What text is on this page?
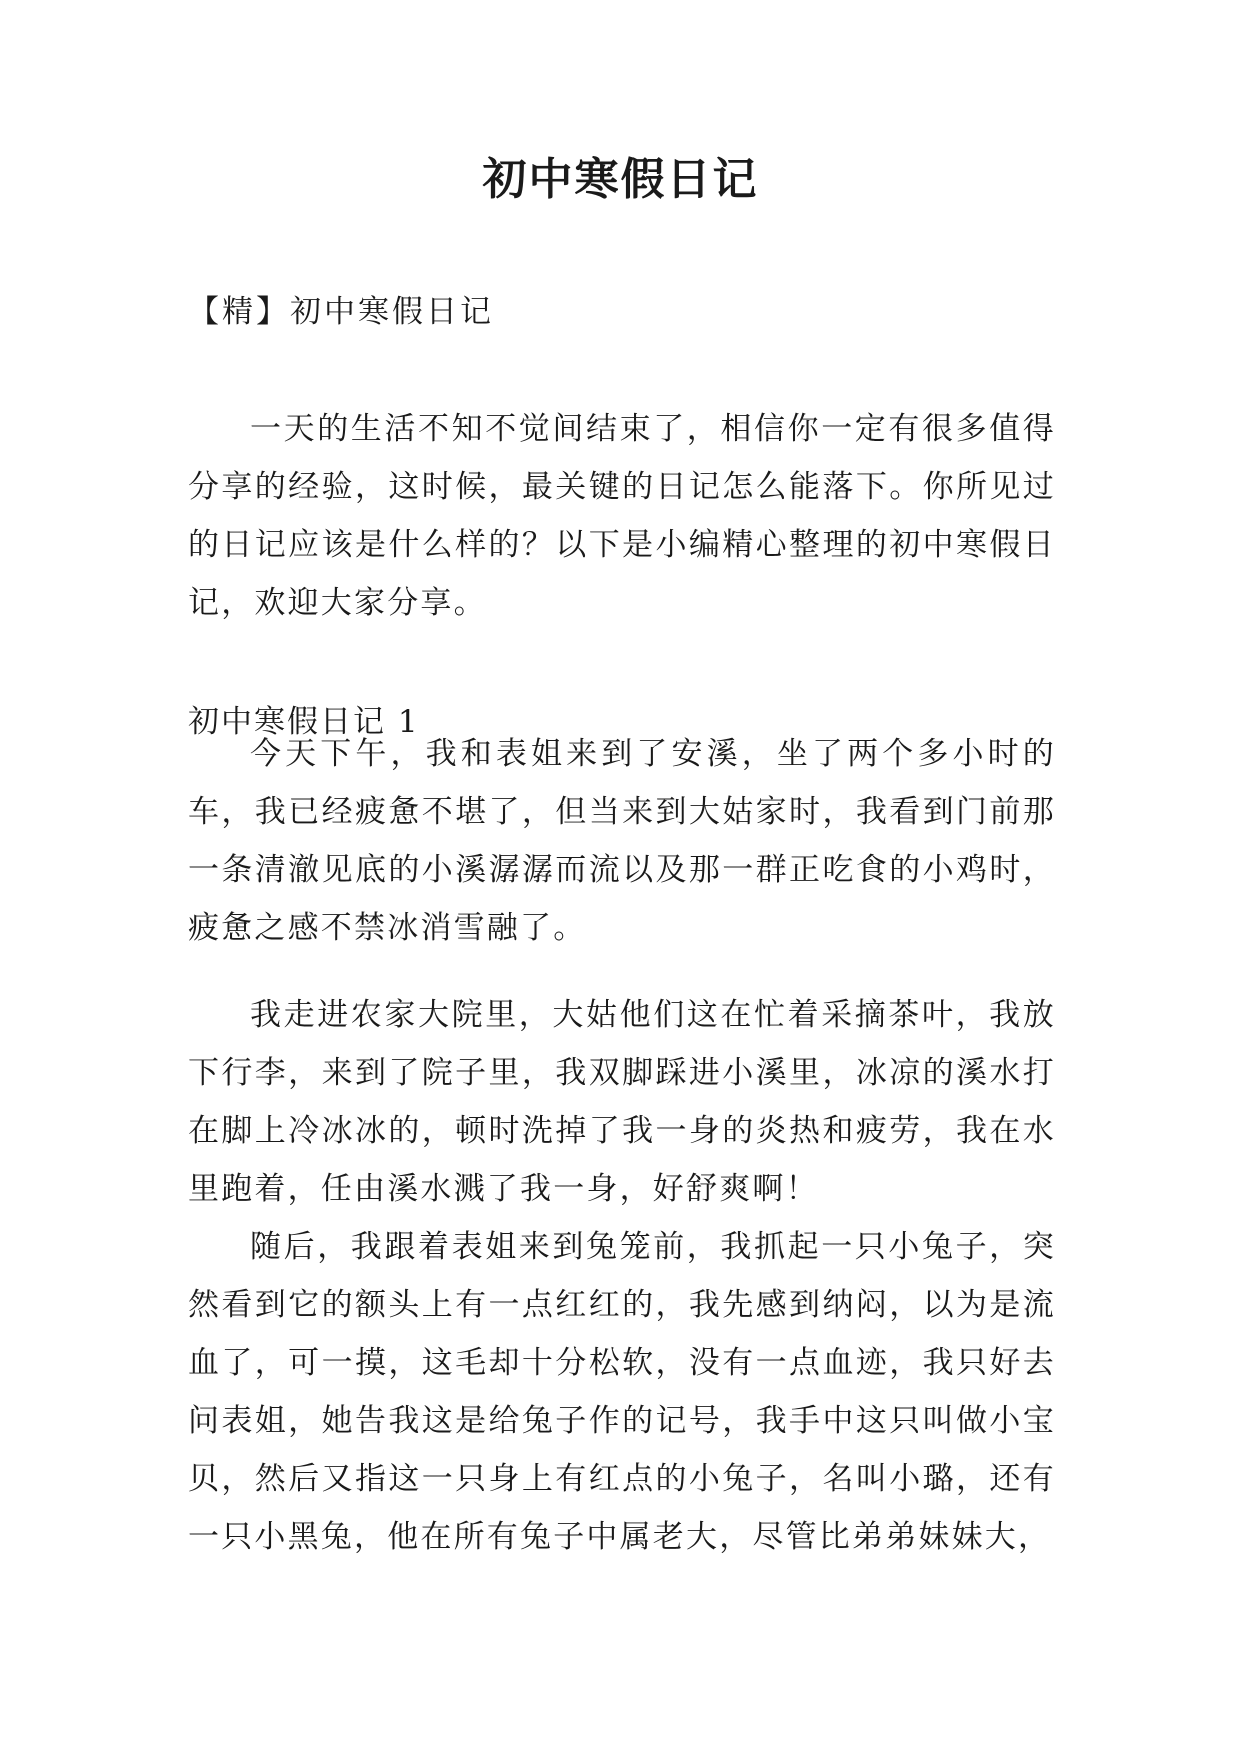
初中寒假日记

【精】初中寒假日记

一天的生活不知不觉间结束了，相信你一定有很多值得分享的经验，这时候，最关键的日记怎么能落下。你所见过的日记应该是什么样的？以下是小编精心整理的初中寒假日记，欢迎大家分享。

初中寒假日记 1

今天下午，我和表姐来到了安溪，坐了两个多小时的车，我已经疲惫不堪了，但当来到大姑家时，我看到门前那一条清澈见底的小溪潺潺而流以及那一群正吃食的小鸡时，疲惫之感不禁冰消雪融了。

我走进农家大院里，大姑他们这在忙着采摘茶叶，我放下行李，来到了院子里，我双脚踩进小溪里，冰凉的溪水打在脚上冷冰冰的，顿时洗掉了我一身的炎热和疲劳，我在水里跑着，任由溪水溅了我一身，好舒爽啊！

随后，我跟着表姐来到兔笼前，我抓起一只小兔子，突然看到它的额头上有一点红红的，我先感到纳闷，以为是流血了，可一摸，这毛却十分松软，没有一点血迹，我只好去问表姐，她告我这是给兔子作的记号，我手中这只叫做小宝贝，然后又指这一只身上有红点的小兔子，名叫小璐，还有一只小黑兔，他在所有兔子中属老大，尽管比弟弟妹妹大，
